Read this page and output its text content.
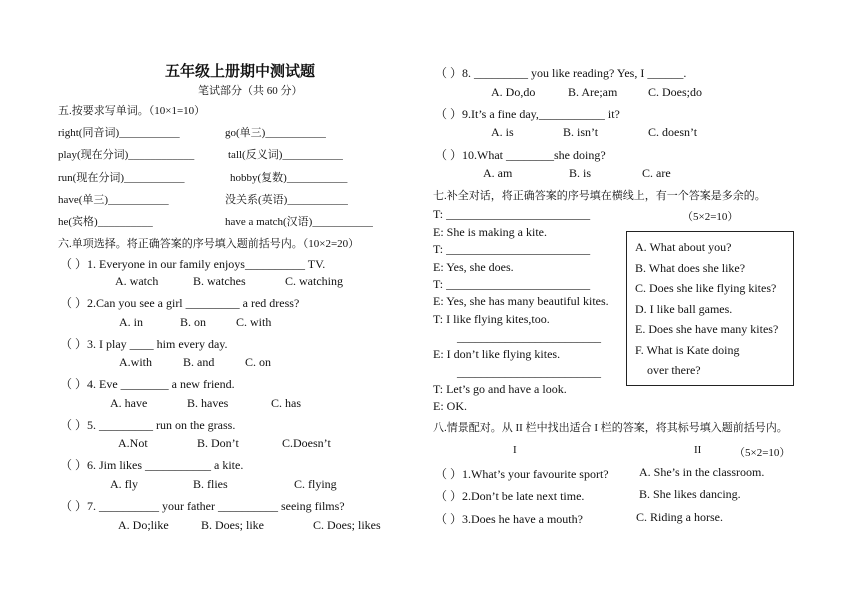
五年级上册期中测试题
笔试部分（共 60 分）
五.按要求写单词。（10×1=10）
right(同音词)___________	go(单三)___________
play(现在分词)____________	tall(反义词)___________
run(现在分词)___________	hobby(复数)___________
have(单三)___________	没关系(英语)___________
he(宾格)__________	have a match(汉语)___________
六.单项选择。将正确答案的序号填入题前括号内。（10×2=20）
（ ）1. Everyone in our family enjoys__________ TV.
A. watch	B. watches	C. watching
（ ）2.Can you see a girl _________ a red dress?
A. in	B. on C. with
（ ）3. I play ____ him every day.
A.with	B. and	C. on
（ ）4. Eve ________ a new friend.
A. have	B. haves	C. has
（ ）5. _________ run on the grass.
A.Not	B. Don’t	C.Doesn’t
（ ）6. Jim likes ___________ a kite.
A. fly	B. flies	C. flying
（ ）7. __________ your father __________ seeing films?
A. Do;like	B. Does; like	C. Does; likes
（ ）8. _________ you like reading? Yes, I ______.
A. Do,do	B. Are;am	C. Does;do
（ ）9.It’s a fine day,___________ it?
A. is	B. isn’t	C. doesn’t
（ ）10.What ________she doing?
A. am	B. is	C. are
七.补全对话，将正确答案的序号填在横线上，有一个答案是多余的。
（5×2=10）
T: ________________________
E: She is making a kite.
T: ________________________
E: Yes, she does.
T: ________________________
E: Yes, she has many beautiful kites.
T: I like flying kites,too.
________________________
E: I don’t like flying kites.
________________________
T: Let’s go and have a look.
E: OK.
A. What about you?
B. What does she like?
C. Does she like flying kites?
D. I like ball games.
E. Does she have many kites?
F. What is Kate doing
over there?
八.情景配对。从 II 栏中找出适合 I 栏的答案，将其标号填入题前括号内。
I	II	（5×2=10）
（ ）1.What’s your favourite sport?	A. She’s in the classroom.
（ ）2.Don’t be late next time.	B. She likes dancing.
（ ）3.Does he have a mouth?	C. Riding a horse.
